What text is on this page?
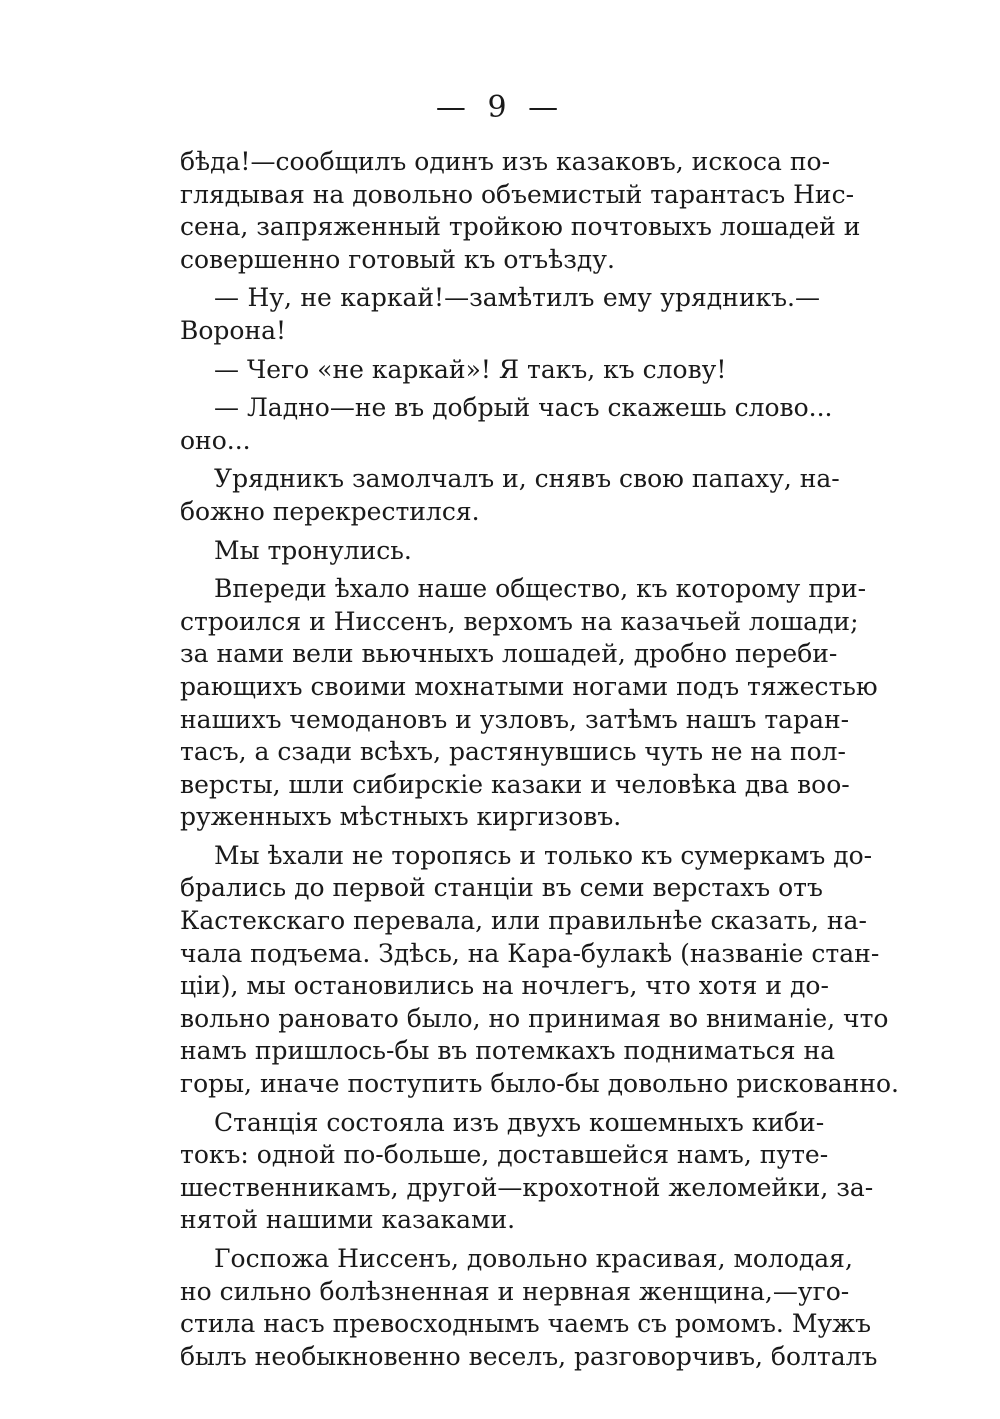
— 9 —
бѣда!—сообщилъ одинъ изъ казаковъ, искоса по-
глядывая на довольно объемистый тарантасъ Нис-
сена, запряженный тройкою почтовыхъ лошадей и
совершенно готовый къ отъѣзду.
— Ну, не каркай!—замѣтилъ ему урядникъ.—
Ворона!
— Чего «не каркай»! Я такъ, къ слову!
— Ладно—не въ добрый часъ скажешь слово...
оно...
Урядникъ замолчалъ и, снявъ свою папаху, на-
божно перекрестился.
Мы тронулись.
Впереди ѣхало наше общество, къ которому при-
строился и Ниссенъ, верхомъ на казачьей лошади;
за нами вели вьючныхъ лошадей, дробно переби-
рающихъ своими мохнатыми ногами подъ тяжестью
нашихъ чемодановъ и узловъ, затѣмъ нашъ таран-
тасъ, а сзади всѣхъ, растянувшись чуть не на пол-
версты, шли сибирскіе казаки и человѣка два воо-
руженныхъ мѣстныхъ киргизовъ.
Мы ѣхали не торопясь и только къ сумеркамъ до-
брались до первой станціи въ семи верстахъ отъ
Кастекскаго перевала, или правильнѣе сказать, на-
чала подъема. Здѣсь, на Кара-булакѣ (названіе стан-
ціи), мы остановились на ночлегъ, что хотя и до-
вольно рановато было, но принимая во вниманіе, что
намъ пришлось-бы въ потемкахъ подниматься на
горы, иначе поступить было-бы довольно рискованно.
Станція состояла изъ двухъ кошемныхъ киби-
токъ: одной по-больше, доставшейся намъ, путе-
шественникамъ, другой—крохотной желомейки, за-
нятой нашими казаками.
Госпожа Ниссенъ, довольно красивая, молодая,
но сильно болѣзненная и нервная женщина,—уго-
стила насъ превосходнымъ чаемъ съ ромомъ. Мужъ
былъ необыкновенно веселъ, разговорчивъ, болталъ
